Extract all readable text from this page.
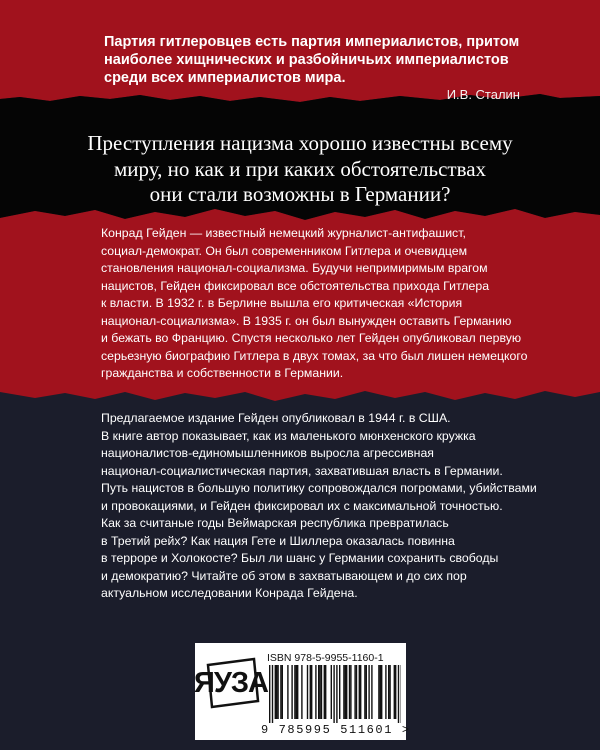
Партия гитлеровцев есть партия империалистов, притом

наиболее хищнических и разбойничьих империалистов

среди всех империалистов мира.

И.В. Сталин

Преступления нацизма хорошо известны всему

миру, но как и при каких обстоятельствах

они стали возможны в Германии?

Конрад Гейден — известный немецкий журналист-антифашист,
социал-демократ. Он был современником Гитлера и очевидцем
становления национал-социализма. Будучи непримиримым врагом
нацистов, Гейден фиксировал все обстоятельства прихода Гитлера
к власти. В 1932 г. в Берлине вышла его критическая «История
национал-социализма». В 1935 г. он был вынужден оставить Германию
и бежать во Францию. Спустя несколько лет Гейден опубликовал первую
серьезную биографию Гитлера в двух томах, за что был лишен немецкого
гражданства и собственности в Германии.
Предлагаемое издание Гейден опубликовал в 1944 г. в США.
В книге автор показывает, как из маленького мюнхенского кружка
националистов-единомышленников выросла агрессивная
национал-социалистическая партия, захватившая власть в Германии.
Путь нацистов в большую политику сопровождался погромами, убийствами
и провокациями, и Гейден фиксировал их с максимальной точностью.
Как за считаные годы Веймарская республика превратилась
в Третий рейх? Как нация Гете и Шиллера оказалась повинна
в терроре и Холокосте? Был ли шанс у Германии сохранить свободы
и демократию? Читайте об этом в захватывающем и до сих пор
актуальном исследовании Конрада Гейдена.
ЯУЗА
ISBN 978-5-9955-1160-1
9 785995 511601 >
